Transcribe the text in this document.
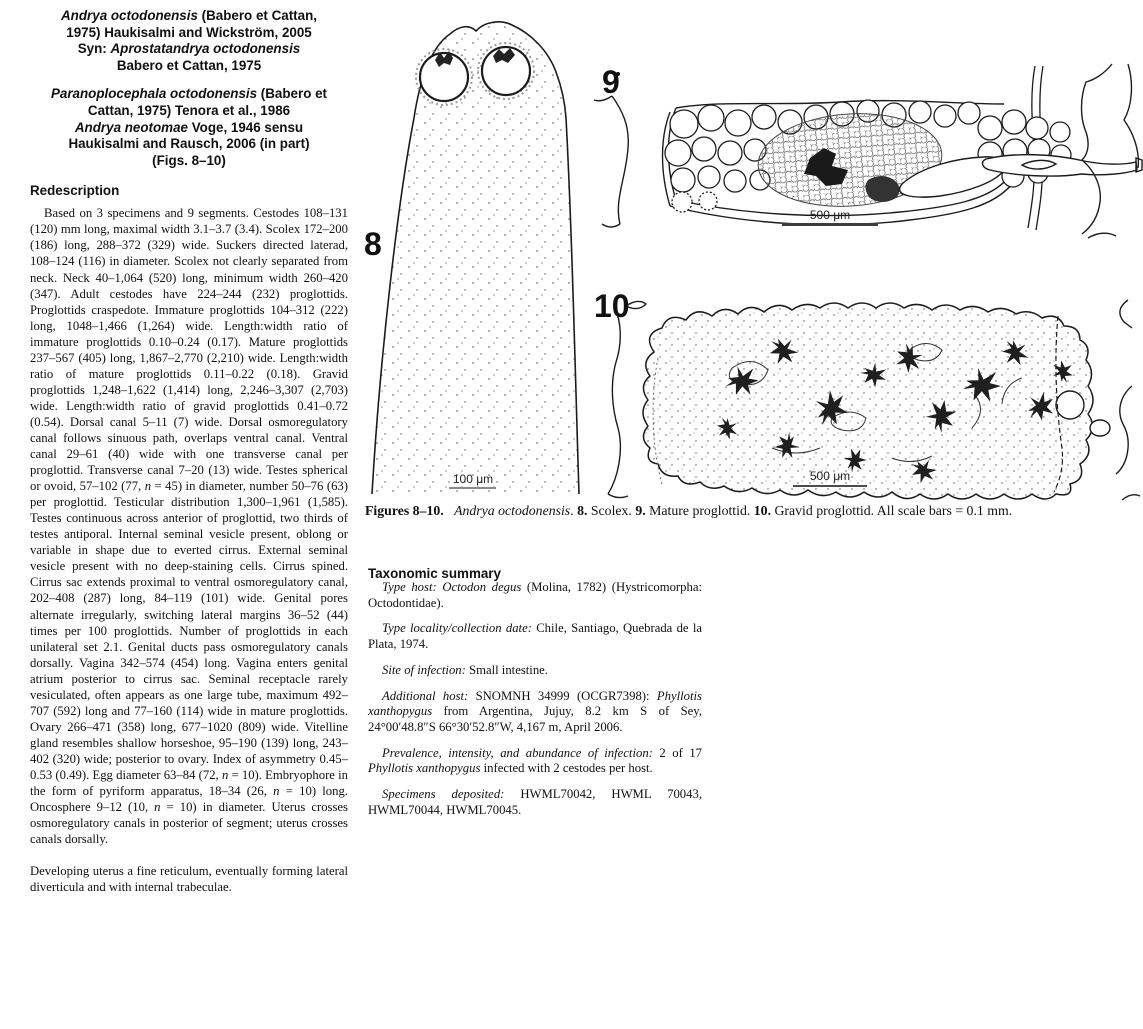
Andrya octodonensis (Babero et Cattan,
1975) Haukisalmi and Wickström, 2005
Syn: Aprostatandrya octodonensis
Babero et Cattan, 1975
Paranoplocephala octodonensis (Babero et
Cattan, 1975) Tenora et al., 1986
Andrya neotomae Voge, 1946 sensu
Haukisalmi and Rausch, 2006 (in part)
(Figs. 8–10)
Redescription

Based on 3 specimens and 9 segments. Cestodes 108–131 (120) mm long, maximal width 3.1–3.7 (3.4). Scolex 172–200 (186) long, 288–372 (329) wide. Suckers directed laterad, 108–124 (116) in diameter. Scolex not clearly separated from neck. Neck 40–1,064 (520) long, minimum width 260–420 (347). Adult cestodes have 224–244 (232) proglottids. Proglottids craspedote. Immature proglottids 104–312 (222) long, 1048–1,466 (1,264) wide. Length:width ratio of immature proglottids 0.10–0.24 (0.17). Mature proglottids 237–567 (405) long, 1,867–2,770 (2,210) wide. Length:width ratio of mature proglottids 0.11–0.22 (0.18). Gravid proglottids 1,248–1,622 (1,414) long, 2,246–3,307 (2,703) wide. Length:width ratio of gravid proglottids 0.41–0.72 (0.54). Dorsal canal 5–11 (7) wide. Dorsal osmoregulatory canal follows sinuous path, overlaps ventral canal. Ventral canal 29–61 (40) wide with one transverse canal per proglottid. Transverse canal 7–20 (13) wide. Testes spherical or ovoid, 57–102 (77, n = 45) in diameter, number 50–76 (63) per proglottid. Testicular distribution 1,300–1,961 (1,585). Testes continuous across anterior of proglottid, two thirds of testes antiporal. Internal seminal vesicle present, oblong or variable in shape due to everted cirrus. External seminal vesicle present with no deep-staining cells. Cirrus spined. Cirrus sac extends proximal to ventral osmoregulatory canal, 202–408 (287) long, 84–119 (101) wide. Genital pores alternate irregularly, switching lateral margins 36–52 (44) times per 100 proglottids. Number of proglottids in each unilateral set 2.1. Genital ducts pass osmoregulatory canals dorsally. Vagina 342–574 (454) long. Vagina enters genital atrium posterior to cirrus sac. Seminal receptacle rarely vesiculated, often appears as one large tube, maximum 492–707 (592) long and 77–160 (114) wide in mature proglottids. Ovary 266–471 (358) long, 677–1020 (809) wide. Vitelline gland resembles shallow horseshoe, 95–190 (139) long, 243–402 (320) wide; posterior to ovary. Index of asymmetry 0.45–0.53 (0.49). Egg diameter 63–84 (72, n = 10). Embryophore in the form of pyriform apparatus, 18–34 (26, n = 10) long. Oncosphere 9–12 (10, n = 10) in diameter. Uterus crosses osmoregulatory canals in posterior of segment; uterus crosses canals dorsally.

Developing uterus a fine reticulum, eventually forming lateral diverticula and with internal trabeculae.

8
100 μm
9
500 μm
10
500 μm
Figures 8–10. Andrya octodonensis. 8. Scolex. 9. Mature proglottid. 10. Gravid proglottid. All scale bars = 0.1 mm.
Taxonomic summary

Type host: Octodon degus (Molina, 1782) (Hystricomorpha: Octodontidae).

Type locality/collection date: Chile, Santiago, Quebrada de la Plata, 1974.

Site of infection: Small intestine.

Additional host: SNOMNH 34999 (OCGR7398): Phyllotis xanthopygus from Argentina, Jujuy, 8.2 km S of Sey, 24°00′48.8″S 66°30′52.8″W, 4,167 m, April 2006.

Prevalence, intensity, and abundance of infection: 2 of 17 Phyllotis xanthopygus infected with 2 cestodes per host.

Specimens deposited: HWML70042, HWML 70043, HWML70044, HWML70045.
